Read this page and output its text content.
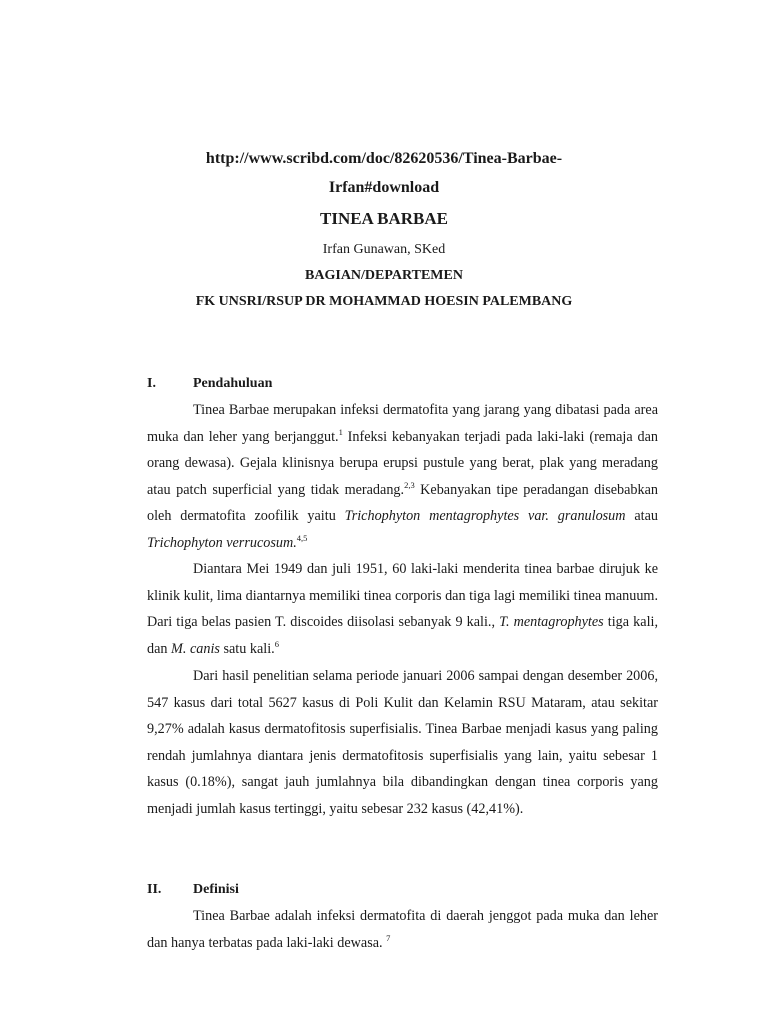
http://www.scribd.com/doc/82620536/Tinea-Barbae-
Irfan#download
TINEA BARBAE
Irfan Gunawan, SKed
BAGIAN/DEPARTEMEN
FK UNSRI/RSUP DR MOHAMMAD HOESIN PALEMBANG
I.	Pendahuluan
Tinea Barbae merupakan infeksi dermatofita yang jarang yang dibatasi pada area muka dan leher yang berjanggut.$^1$ Infeksi kebanyakan terjadi pada laki-laki (remaja dan orang dewasa). Gejala klinisnya berupa erupsi pustule yang berat, plak yang meradang atau patch superficial yang tidak meradang.$^{2,3}$ Kebanyakan tipe peradangan disebabkan oleh dermatofita zoofilik yaitu Trichophyton mentagrophytes var. granulosum atau Trichophyton verrucosum.$^{4,5}$
Diantara Mei 1949 dan juli 1951, 60 laki-laki menderita tinea barbae dirujuk ke klinik kulit, lima diantarnya memiliki tinea corporis dan tiga lagi memiliki tinea manuum. Dari tiga belas pasien T. discoides diisolasi sebanyak 9 kali., T. mentagrophytes tiga kali, dan M. canis satu kali.$^6$
Dari hasil penelitian selama periode januari 2006 sampai dengan desember 2006, 547 kasus dari total 5627 kasus di Poli Kulit dan Kelamin RSU Mataram, atau sekitar 9,27% adalah kasus dermatofitosis superfisialis. Tinea Barbae menjadi kasus yang paling rendah jumlahnya diantara jenis dermatofitosis superfisialis yang lain, yaitu sebesar 1 kasus (0.18%), sangat jauh jumlahnya bila dibandingkan dengan tinea corporis yang menjadi jumlah kasus tertinggi, yaitu sebesar 232 kasus (42,41%).
II. Definisi
Tinea Barbae adalah infeksi dermatofita di daerah jenggot pada muka dan leher dan hanya terbatas pada laki-laki dewasa. $^7$
